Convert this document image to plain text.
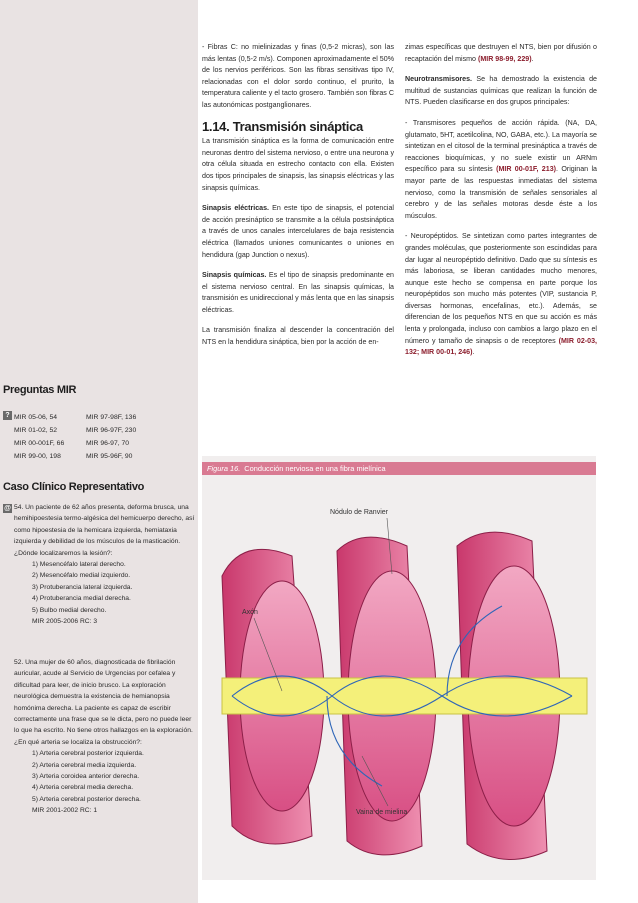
- Fibras C: no mielinizadas y finas (0,5-2 micras), son las más lentas (0,5-2 m/s). Componen aproximadamente el 50% de los nervios periféricos. Son las fibras sensitivas tipo IV, relacionadas con el dolor sordo continuo, el prurito, la temperatura caliente y el tacto grosero. También son fibras C las autonómicas postganglionares.

1.14. Transmisión sináptica

La transmisión sináptica es la forma de comunicación entre neuronas dentro del sistema nervioso, o entre una neurona y otra célula situada en estrecho contacto con ella. Existen dos tipos principales de sinapsis, las sinapsis eléctricas y las sinapsis químicas.

Sinapsis eléctricas. En este tipo de sinapsis, el potencial de acción presináptico se transmite a la célula postsináptica a través de unos canales intercelulares de baja resistencia eléctrica (llamados uniones comunicantes o uniones en hendidura (gap Junction o nexus).

Sinapsis químicas. Es el tipo de sinapsis predominante en el sistema nervioso central. En las sinapsis químicas, la transmisión es unidireccional y más lenta que en las sinapsis eléctricas.

La transmisión finaliza al descender la concentración del NTS en la hendidura sináptica, bien por la acción de en-

zimas específicas que destruyen el NTS, bien por difusión o recaptación del mismo (MIR 98-99, 229).

Neurotransmisores. Se ha demostrado la existencia de multitud de sustancias químicas que realizan la función de NTS. Pueden clasificarse en dos grupos principales:

- Transmisores pequeños de acción rápida. (NA, DA, glutamato, 5HT, acetilcolina, NO, GABA, etc.). La mayoría se sintetizan en el citosol de la terminal presináptica a través de reacciones bioquímicas, y no suele existir un ARNm específico para su síntesis (MIR 00-01F, 213). Originan la mayor parte de las respuestas inmediatas del sistema nervioso, como la transmisión de señales sensoriales al cerebro y de las señales motoras desde éste a los músculos.

- Neuropéptidos. Se sintetizan como partes integrantes de grandes moléculas, que posteriormente son escindidas para dar lugar al neuropéptido definitivo. Dado que su síntesis es más laboriosa, se liberan cantidades mucho menores, aunque este hecho se compensa en parte porque los neuropéptidos son mucho más potentes (VIP, sustancia P, diversas hormonas, encefalinas, etc.). Además, se diferencian de los pequeños NTS en que su acción es más lenta y prolongada, incluso con cambios a largo plazo en el número y tamaño de sinapsis o de receptores (MIR 02-03, 132; MIR 00-01, 246).

Preguntas MIR
? MIR 05-06, 54	MIR 97-98F, 136
MIR 01-02, 52	MIR 96-97F, 230
MIR 00-001F, 66	MIR 96-97, 70
MIR 99-00, 198	MIR 95-96F, 90
Caso Clínico Representativo
@ 54. Un paciente de 62 años presenta, deforma brusca, una hemihipoestesia termo-algésica del hemicuerpo derecho, así como hipoestesia de la hemicara izquierda, hemiataxia izquierda y debilidad de los músculos de la masticación. ¿Dónde localizaremos la lesión?:

1) Mesencéfalo lateral derecho.

2) Mesencéfalo medial izquierdo.

3) Protuberancia lateral izquierda.

4) Protuberancia medial derecha.

5) Bulbo medial derecho.

MIR 2005-2006 RC: 3

52. Una mujer de 60 años, diagnosticada de fibrilación auricular, acude al Servicio de Urgencias por cefalea y dificultad para leer, de inicio brusco. La exploración neurológica demuestra la existencia de hemianopsia homónima derecha. La paciente es capaz de escribir correctamente una frase que se le dicta, pero no puede leer lo que ha escrito. No tiene otros hallazgos en la exploración. ¿En qué arteria se localiza la obstrucción?:

1) Arteria cerebral posterior izquierda.

2) Arteria cerebral media izquierda.

3) Arteria coroidea anterior derecha.

4) Arteria cerebral media derecha.

5) Arteria cerebral posterior derecha.

MIR 2001-2002 RC: 1

Figura 16. Conducción nerviosa en una fibra mielínica
Nódulo de Ranvier
Axón
Vaina de mielina
